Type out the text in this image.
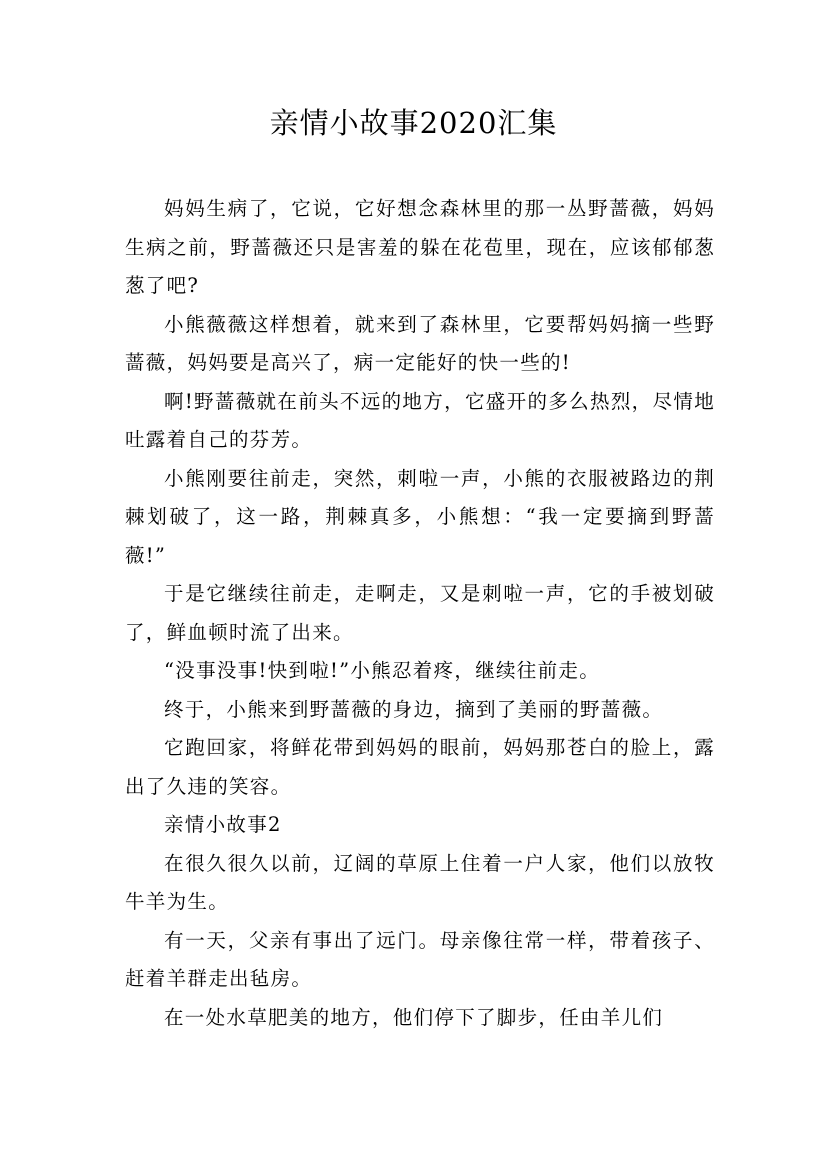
亲情小故事2020汇集

妈妈生病了，它说，它好想念森林里的那一丛野蔷薇，妈妈生病之前，野蔷薇还只是害羞的躲在花苞里，现在，应该郁郁葱葱了吧?

小熊薇薇这样想着，就来到了森林里，它要帮妈妈摘一些野蔷薇，妈妈要是高兴了，病一定能好的快一些的!

啊!野蔷薇就在前头不远的地方，它盛开的多么热烈，尽情地吐露着自己的芬芳。

小熊刚要往前走，突然，刺啦一声，小熊的衣服被路边的荆棘划破了，这一路，荆棘真多，小熊想：“我一定要摘到野蔷薇!”

于是它继续往前走，走啊走，又是刺啦一声，它的手被划破了，鲜血顿时流了出来。

“没事没事!快到啦!”小熊忍着疼，继续往前走。

终于，小熊来到野蔷薇的身边，摘到了美丽的野蔷薇。

它跑回家，将鲜花带到妈妈的眼前，妈妈那苍白的脸上，露出了久违的笑容。

亲情小故事2

在很久很久以前，辽阔的草原上住着一户人家，他们以放牧牛羊为生。

有一天，父亲有事出了远门。母亲像往常一样，带着孩子、赶着羊群走出毡房。

在一处水草肥美的地方，他们停下了脚步，任由羊儿们
